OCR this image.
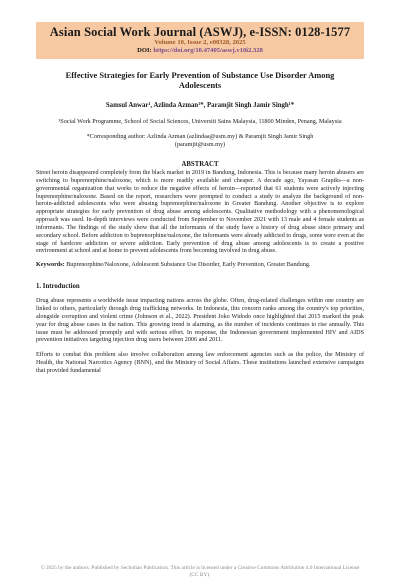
Asian Social Work Journal (ASWJ), e-ISSN: 0128-1577
Volume 10, Issue 2, e00328, 2025
DOI: https://doi.org/10.47405/aswj.v10i2.328
Effective Strategies for Early Prevention of Substance Use Disorder Among Adolescents
Samsul Anwar¹, Azlinda Azman¹*, Paramjit Singh Jamir Singh¹*
¹Social Work Programme, School of Social Sciences, Universiti Sains Malaysia, 11800 Minden, Penang, Malaysia
*Corresponding author: Azlinda Azman (azlindaa@usm.my) & Paramjit Singh Jamir Singh (paramjit@usm.my)
ABSTRACT
Street heroin disappeared completely from the black market in 2019 in Bandung, Indonesia. This is because many heroin abusers are switching to buprenorphine/naloxone, which is more readily available and cheaper. A decade ago, Yayasan Grapiks—a non-governmental organization that works to reduce the negative effects of heroin—reported that 61 students were actively injecting buprenorphine/naloxone. Based on the report, researchers were prompted to conduct a study to analyze the background of non-heroin-addicted adolescents who were abusing buprenorphine/naloxone in Greater Bandung. Another objective is to explore appropriate strategies for early prevention of drug abuse among adolescents. Qualitative methodology with a phenomenological approach was used. In-depth interviews were conducted from September to November 2021 with 13 male and 4 female students as informants. The findings of the study show that all the informants of the study have a history of drug abuse since primary and secondary school. Before addiction to buprenorphine/naloxone, the informants were already addicted to drugs, some were even at the stage of hardcore addiction or severe addiction. Early prevention of drug abuse among adolescents is to create a positive environment at school and at home to prevent adolescents from becoming involved in drug abuse.
Keywords: Buprenorphine/Naloxone, Adolescent Substance Use Disorder, Early Prevention, Greater Bandung.
1. Introduction
Drug abuse represents a worldwide issue impacting nations across the globe. Often, drug-related challenges within one country are linked to others, particularly through drug trafficking networks. In Indonesia, this concern ranks among the country's top priorities, alongside corruption and violent crime (Johnson et al., 2022). President Joko Widodo once highlighted that 2015 marked the peak year for drug abuse cases in the nation. This growing trend is alarming, as the number of incidents continues to rise annually. This issue must be addressed promptly and with serious effort. In response, the Indonesian government implemented HIV and AIDS prevention initiatives targeting injection drug users between 2006 and 2011.
Efforts to combat this problem also involve collaboration among law enforcement agencies such as the police, the Ministry of Health, the National Narcotics Agency (BNN), and the Ministry of Social Affairs. These institutions launched extensive campaigns that provided fundamental
© 2025 by the authors. Published by Secholian Publication. This article is licensed under a Creative Commons Attribution 4.0 International License (CC BY).
